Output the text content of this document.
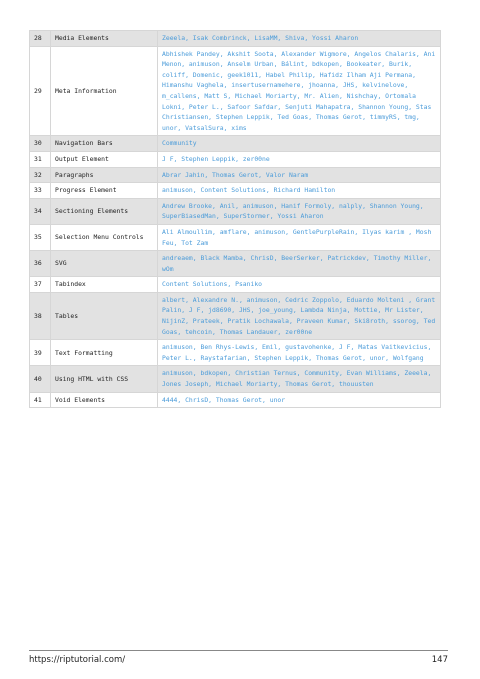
28	Media Elements	Zeeela, Isak Combrinck, LisaMM, Shiva, Yossi Aharon
29	Meta Information	Abhishek Pandey, Akshit Soota, Alexander Wigmore, Angelos Chalaris, Ani Menon, animuson, Anselm Urban, Bálint, bdkopen, Bookeater, Burik, coliff, Domenic, geek1011, Habel Philip, Hafidz Ilham Aji Permana, Himanshu Vaghela, insertusernamehere, jhoanna, JHS, kelvinelove, m_callens, Matt S, Michael Moriarty, Mr. Alien, Nishchay, Ortomala Lokni, Peter L., Safoor Safdar, Senjuti Mahapatra, Shannon Young, Stas Christiansen, Stephen Leppik, Ted Goas, Thomas Gerot, timmyRS, tmg, unor, VatsalSura, xims
30	Navigation Bars	Community
31	Output Element	J F, Stephen Leppik, zer00ne
32	Paragraphs	Abrar Jahin, Thomas Gerot, Valor Naram
33	Progress Element	animuson, Content Solutions, Richard Hamilton
34	Sectioning Elements	Andrew Brooke, Anil, animuson, Hanif Formoly, nalply, Shannon Young, SuperBiasedMan, SuperStormer, Yossi Aharon
35	Selection Menu Controls	Ali Almoullim, amflare, animuson, GentlePurpleRain, Ilyas karim , Mosh Feu, Tot Zam
36	SVG	andreaem, Black Mamba, ChrisD, BeerSerker, Patrickdev, Timothy Miller, wOm
37	Tabindex	Content Solutions, Psaniko
38	Tables	albert, Alexandre N., animuson, Cedric Zoppolo, Eduardo Molteni , Grant Palin, J F, jd8690, JHS, joe_young, Lambda Ninja, Mottie, Mr Lister, NijinZ, Prateek, Pratik Lochawala, Praveen Kumar, Ski8roth, ssorog, Ted Goas, tehcoin, Thomas Landauer, zer00ne
39	Text Formatting	animuson, Ben Rhys-Lewis, Emil, gustavohenke, J F, Matas Vaitkevicius, Peter L., Raystafarian, Stephen Leppik, Thomas Gerot, unor, Wolfgang
40	Using HTML with CSS	animuson, bdkopen, Christian Ternus, Community, Evan Williams, Zeeela, Jones Joseph, Michael Moriarty, Thomas Gerot, thouusten
41	Void Elements	4444, ChrisD, Thomas Gerot, unor
https://riptutorial.com/	147
